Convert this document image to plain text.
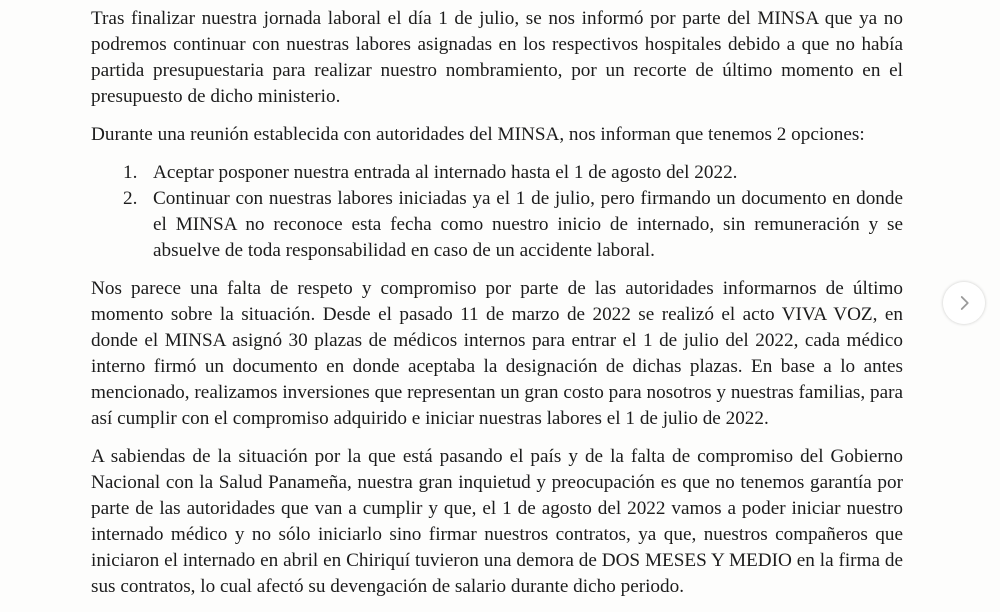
Tras finalizar nuestra jornada laboral el día 1 de julio, se nos informó por parte del MINSA que ya no podremos continuar con nuestras labores asignadas en los respectivos hospitales debido a que no había partida presupuestaria para realizar nuestro nombramiento, por un recorte de último momento en el presupuesto de dicho ministerio.

Durante una reunión establecida con autoridades del MINSA, nos informan que tenemos 2 opciones:

1. Aceptar posponer nuestra entrada al internado hasta el 1 de agosto del 2022.
2. Continuar con nuestras labores iniciadas ya el 1 de julio, pero firmando un documento en donde el MINSA no reconoce esta fecha como nuestro inicio de internado, sin remuneración y se absuelve de toda responsabilidad en caso de un accidente laboral.

Nos parece una falta de respeto y compromiso por parte de las autoridades informarnos de último momento sobre la situación. Desde el pasado 11 de marzo de 2022 se realizó el acto VIVA VOZ, en donde el MINSA asignó 30 plazas de médicos internos para entrar el 1 de julio del 2022, cada médico interno firmó un documento en donde aceptaba la designación de dichas plazas. En base a lo antes mencionado, realizamos inversiones que representan un gran costo para nosotros y nuestras familias, para así cumplir con el compromiso adquirido e iniciar nuestras labores el 1 de julio de 2022.

A sabiendas de la situación por la que está pasando el país y de la falta de compromiso del Gobierno Nacional con la Salud Panameña, nuestra gran inquietud y preocupación es que no tenemos garantía por parte de las autoridades que van a cumplir y que, el 1 de agosto del 2022 vamos a poder iniciar nuestro internado médico y no sólo iniciarlo sino firmar nuestros contratos, ya que, nuestros compañeros que iniciaron el internado en abril en Chiriquí tuvieron una demora de DOS MESES Y MEDIO en la firma de sus contratos, lo cual afectó su devengación de salario durante dicho periodo.
